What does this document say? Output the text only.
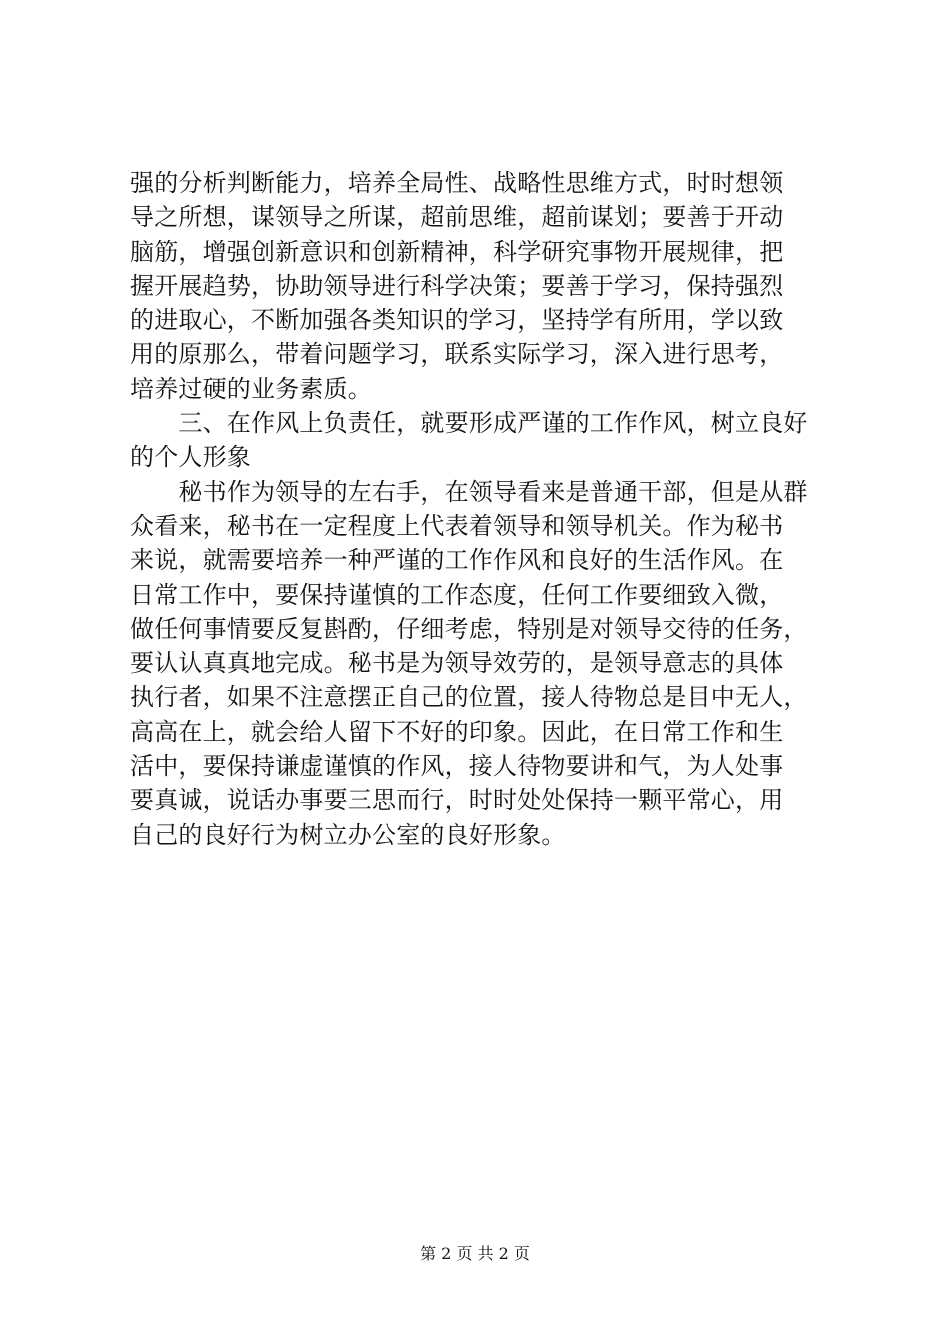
强的分析判断能力，培养全局性、战略性思维方式，时时想领
导之所想，谋领导之所谋，超前思维，超前谋划；要善于开动
脑筋，增强创新意识和创新精神，科学研究事物开展规律，把
握开展趋势，协助领导进行科学决策；要善于学习，保持强烈
的进取心，不断加强各类知识的学习，坚持学有所用，学以致
用的原那么，带着问题学习，联系实际学习，深入进行思考，
培养过硬的业务素质。
　　三、在作风上负责任，就要形成严谨的工作作风，树立良好
的个人形象
　　秘书作为领导的左右手，在领导看来是普通干部，但是从群
众看来，秘书在一定程度上代表着领导和领导机关。作为秘书
来说，就需要培养一种严谨的工作作风和良好的生活作风。在
日常工作中，要保持谨慎的工作态度，任何工作要细致入微，
做任何事情要反复斟酌，仔细考虑，特别是对领导交待的任务，
要认认真真地完成。秘书是为领导效劳的，是领导意志的具体
执行者，如果不注意摆正自己的位置，接人待物总是目中无人，
高高在上，就会给人留下不好的印象。因此，在日常工作和生
活中，要保持谦虚谨慎的作风，接人待物要讲和气，为人处事
要真诚，说话办事要三思而行，时时处处保持一颗平常心，用
自己的良好行为树立办公室的良好形象。
第 2 页 共 2 页
